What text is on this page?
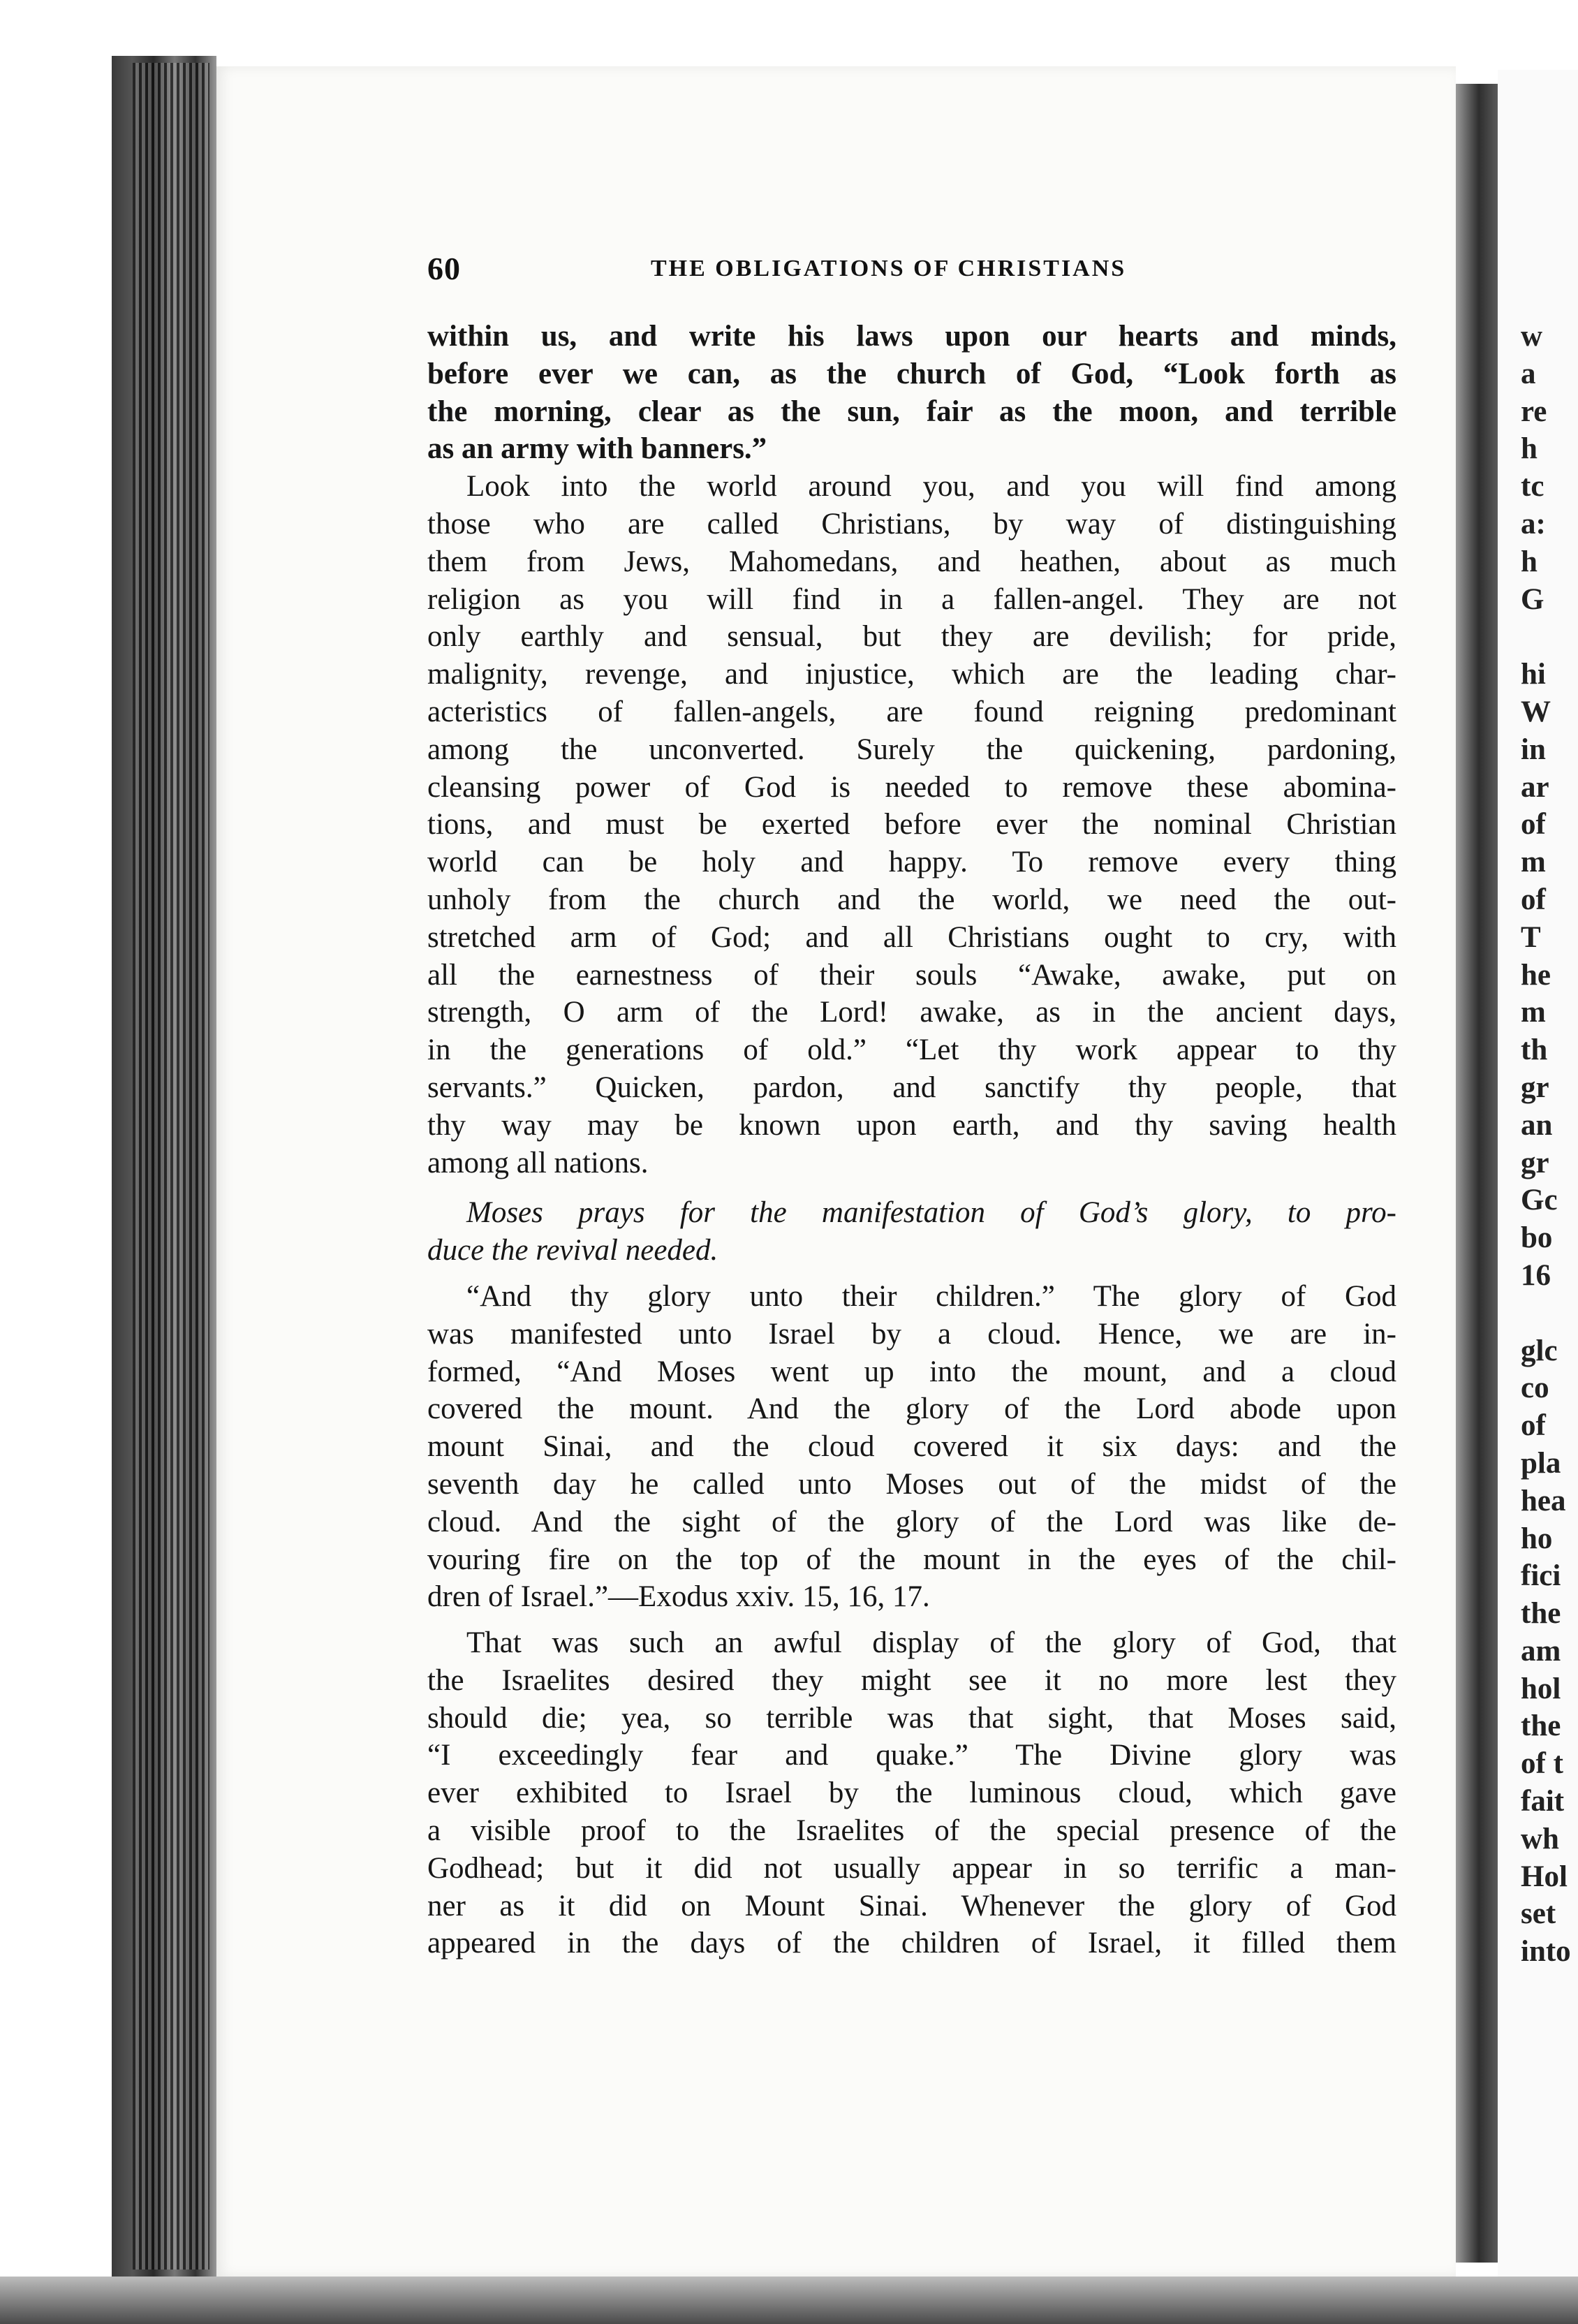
60	THE OBLIGATIONS OF CHRISTIANS

within us, and write his laws upon our hearts and minds,
before ever we can, as the church of God, “Look forth as
the morning, clear as the sun, fair as the moon, and terrible
as an army with banners.”

Look into the world around you, and you will find among
those who are called Christians, by way of distinguishing
them from Jews, Mahomedans, and heathen, about as much
religion as you will find in a fallen-angel. They are not
only earthly and sensual, but they are devilish; for pride,
malignity, revenge, and injustice, which are the leading char-
acteristics of fallen-angels, are found reigning predominant
among the unconverted. Surely the quickening, pardoning,
cleansing power of God is needed to remove these abomina-
tions, and must be exerted before ever the nominal Christian
world can be holy and happy. To remove every thing
unholy from the church and the world, we need the out-
stretched arm of God; and all Christians ought to cry, with
all the earnestness of their souls “Awake, awake, put on
strength, O arm of the Lord! awake, as in the ancient days,
in the generations of old.” “Let thy work appear to thy
servants.” Quicken, pardon, and sanctify thy people, that
thy way may be known upon earth, and thy saving health
among all nations.

Moses prays for the manifestation of God’s glory, to pro-
duce the revival needed.

“And thy glory unto their children.” The glory of God
was manifested unto Israel by a cloud. Hence, we are in-
formed, “And Moses went up into the mount, and a cloud
covered the mount. And the glory of the Lord abode upon
mount Sinai, and the cloud covered it six days: and the
seventh day he called unto Moses out of the midst of the
cloud. And the sight of the glory of the Lord was like de-
vouring fire on the top of the mount in the eyes of the chil-
dren of Israel.”—Exodus xxiv. 15, 16, 17.

That was such an awful display of the glory of God, that
the Israelites desired they might see it no more lest they
should die; yea, so terrible was that sight, that Moses said,
“I exceedingly fear and quake.” The Divine glory was
ever exhibited to Israel by the luminous cloud, which gave
a visible proof to the Israelites of the special presence of the
Godhead; but it did not usually appear in so terrific a man-
ner as it did on Mount Sinai. Whenever the glory of God
appeared in the days of the children of Israel, it filled them

w
a
re
h
tc
a:
h
G

hi
W
in
ar
of
m
of
T
he
m
th
gr
an
gr
Gc
bo
16

glc
co
of
pla
hea
ho
fici
the
am
hol
the
of t
fait
wh
Hol
set
into
